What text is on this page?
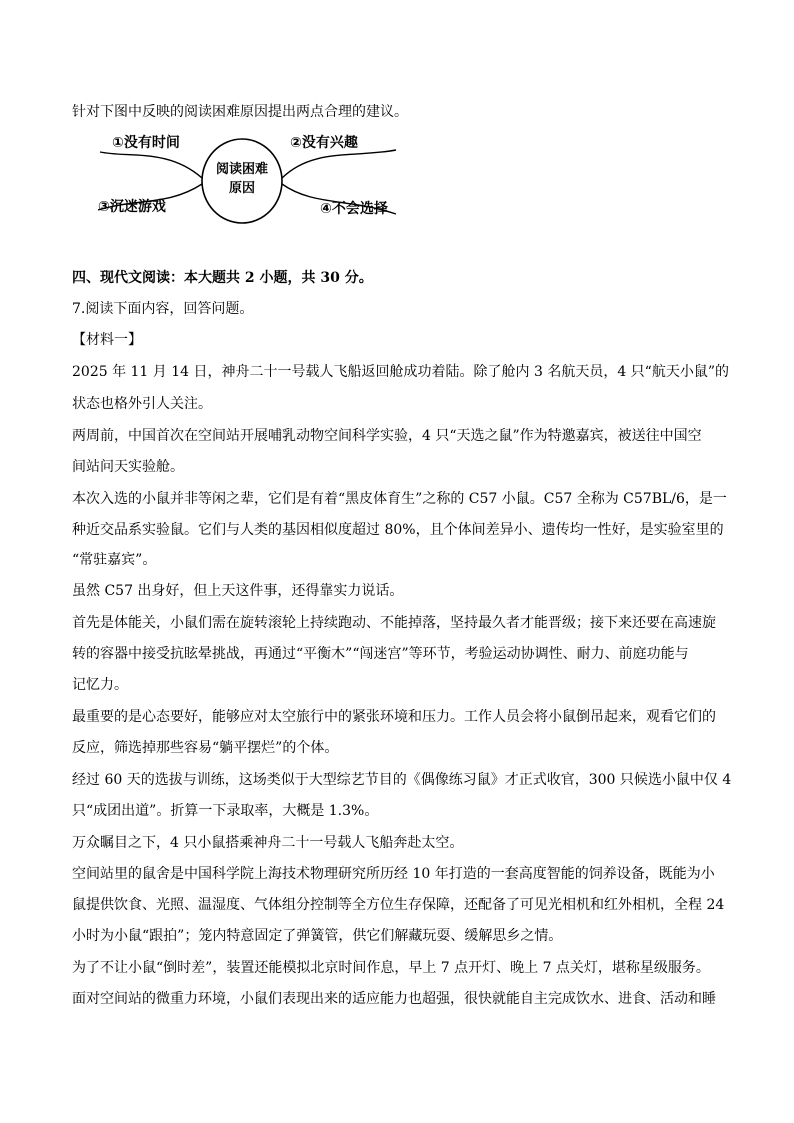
针对下图中反映的阅读困难原因提出两点合理的建议。
①没有时间	②没有兴趣
③沉迷游戏	④不会选择
阅读困难
原因
四、现代文阅读：本大题共 2 小题，共 30 分。
7.阅读下面内容，回答问题。
【材料一】
2025 年 11 月 14 日，神舟二十一号载人飞船返回舱成功着陆。除了舱内 3 名航天员，4 只“航天小鼠”的
状态也格外引人关注。
两周前，中国首次在空间站开展哺乳动物空间科学实验，4 只“天选之鼠”作为特邀嘉宾，被送往中国空
间站问天实验舱。
本次入选的小鼠并非等闲之辈，它们是有着“黑皮体育生”之称的 C57 小鼠。C57 全称为 C57BL/6，是一
种近交品系实验鼠。它们与人类的基因相似度超过 80%，且个体间差异小、遗传均一性好，是实验室里的
“常驻嘉宾”。
虽然 C57 出身好，但上天这件事，还得靠实力说话。
首先是体能关，小鼠们需在旋转滚轮上持续跑动、不能掉落，坚持最久者才能晋级；接下来还要在高速旋
转的容器中接受抗眩晕挑战，再通过“平衡木”“闯迷宫”等环节，考验运动协调性、耐力、前庭功能与
记忆力。
最重要的是心态要好，能够应对太空旅行中的紧张环境和压力。工作人员会将小鼠倒吊起来，观看它们的
反应，筛选掉那些容易“躺平摆烂”的个体。
经过 60 天的选拔与训练，这场类似于大型综艺节目的《偶像练习鼠》才正式收官，300 只候选小鼠中仅 4
只“成团出道”。折算一下录取率，大概是 1.3%。
万众瞩目之下，4 只小鼠搭乘神舟二十一号载人飞船奔赴太空。
空间站里的鼠舍是中国科学院上海技术物理研究所历经 10 年打造的一套高度智能的饲养设备，既能为小
鼠提供饮食、光照、温湿度、气体组分控制等全方位生存保障，还配备了可见光相机和红外相机，全程 24
小时为小鼠“跟拍”；笼内特意固定了弹簧管，供它们解藏玩耍、缓解思乡之情。
为了不让小鼠“倒时差”，装置还能模拟北京时间作息，早上 7 点开灯、晚上 7 点关灯，堪称星级服务。
面对空间站的微重力环境，小鼠们表现出来的适应能力也超强，很快就能自主完成饮水、进食、活动和睡
